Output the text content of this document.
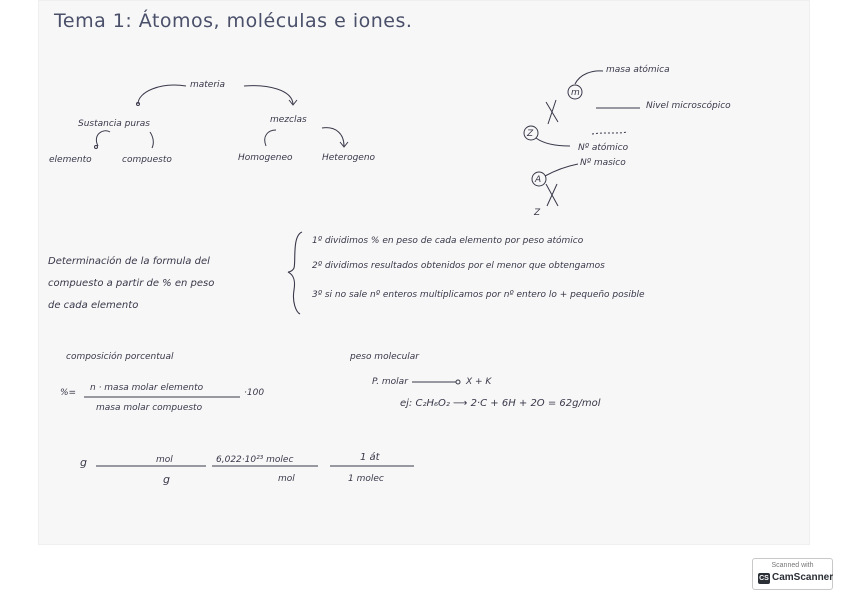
Tema 1: Átomos, moléculas e iones.
materia
Sustancia puras	mezclas
elemento	compuesto	Homogeneo	Heterogeno
masa atómica
m
Nivel microscópico
Z
Nº atómico
Nº masico
A
Z
Determinación de la formula del
compuesto a partir de % en peso
de cada elemento
1º dividimos % en peso de cada elemento por peso atómico
2º dividimos resultados obtenidos por el menor que obtengamos
3º si no sale nº enteros multiplicamos por nº entero lo + pequeño posible
composición porcentual
%= n · masa molar elemento
masa molar compuesto
·100
peso molecular
P. molar	X + K
ej: C₂H₆O₂ ⟶ 2·C + 6H + 2O = 62g/mol
g	mol
g
6,022·10²³ molec
mol
1 át
1 molec
Scanned with
CS CamScanner
